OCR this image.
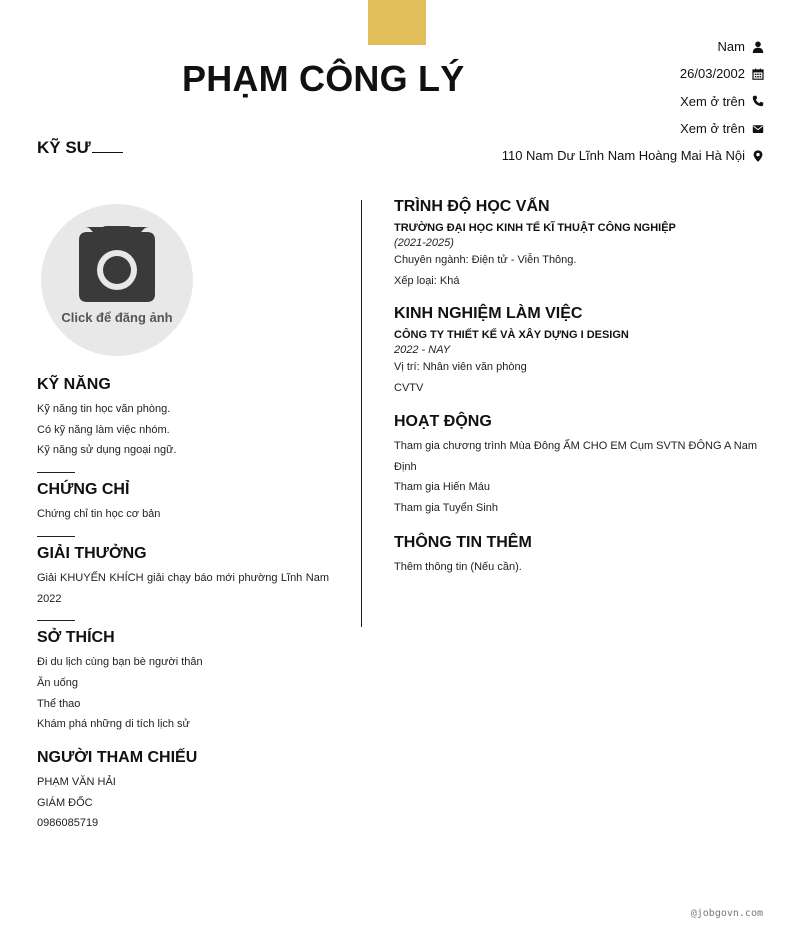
PHẠM CÔNG LÝ
KỸ SƯ
Nam
26/03/2002
Xem ở trên
Xem ở trên
110 Nam Dư Lĩnh Nam Hoàng Mai Hà Nội
Click để đăng ảnh
KỸ NĂNG
Kỹ năng tin học văn phòng.
Có kỹ năng làm việc nhóm.
Kỹ năng sử dụng ngoại ngữ.
CHỨNG CHỈ
Chứng chỉ tin học cơ bản
GIẢI THƯỞNG
Giải KHUYẾN KHÍCH giải chạy báo mới phường Lĩnh Nam 2022
SỞ THÍCH
Đi du lịch cùng bạn bè người thân
Ăn uống
Thể thao
Khám phá những di tích lịch sử
NGƯỜI THAM CHIẾU
PHẠM VĂN HẢI
GIÁM ĐỐC
0986085719
TRÌNH ĐỘ HỌC VẤN
TRƯỜNG ĐẠI HỌC KINH TẾ KĨ THUẬT CÔNG NGHIỆP
(2021-2025)
Chuyên ngành: Điện tử - Viễn Thông.
Xếp loại: Khá
KINH NGHIỆM LÀM VIỆC
CÔNG TY THIẾT KẾ VÀ XÂY DỰNG I DESIGN
2022 - NAY
Vị trí: Nhân viên văn phòng
CVTV
HOẠT ĐỘNG
Tham gia chương trình Mùa Đông ẤM CHO EM Cụm SVTN ĐÔNG A Nam Định
Tham gia Hiến Máu
Tham gia Tuyển Sinh
THÔNG TIN THÊM
Thêm thông tin (Nếu cần).
@jobgovn.com
